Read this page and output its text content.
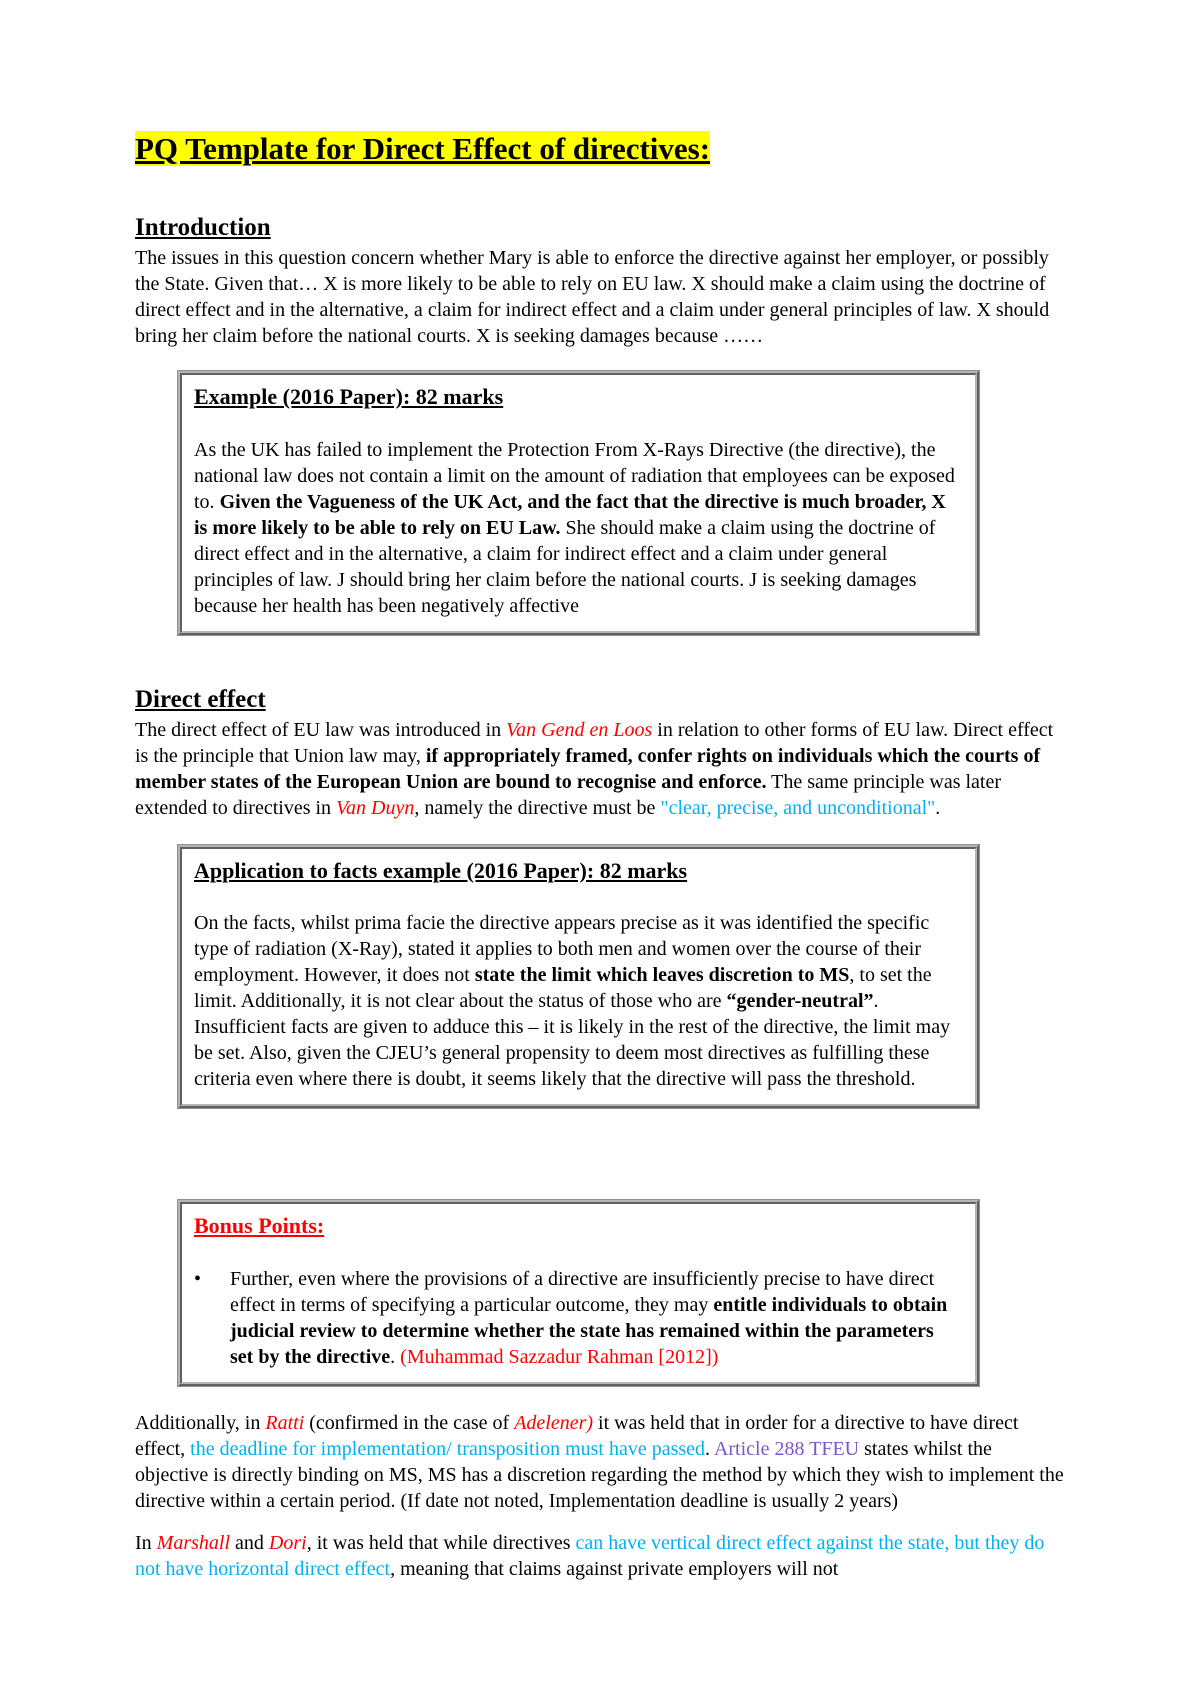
PQ Template for Direct Effect of directives:
Introduction

The issues in this question concern whether Mary is able to enforce the directive against her employer, or possibly the State. Given that… X is more likely to be able to rely on EU law. X should make a claim using the doctrine of direct effect and in the alternative, a claim for indirect effect and a claim under general principles of law. X should bring her claim before the national courts. X is seeking damages because ……

Example (2016 Paper): 82 marks

As the UK has failed to implement the Protection From X-Rays Directive (the directive), the national law does not contain a limit on the amount of radiation that employees can be exposed to. Given the Vagueness of the UK Act, and the fact that the directive is much broader, X is more likely to be able to rely on EU Law. She should make a claim using the doctrine of direct effect and in the alternative, a claim for indirect effect and a claim under general principles of law. J should bring her claim before the national courts. J is seeking damages because her health has been negatively affective

Direct effect

The direct effect of EU law was introduced in Van Gend en Loos in relation to other forms of EU law. Direct effect is the principle that Union law may, if appropriately framed, confer rights on individuals which the courts of member states of the European Union are bound to recognise and enforce. The same principle was later extended to directives in Van Duyn, namely the directive must be "clear, precise, and unconditional".

Application to facts example (2016 Paper): 82 marks

On the facts, whilst prima facie the directive appears precise as it was identified the specific type of radiation (X-Ray), stated it applies to both men and women over the course of their employment. However, it does not state the limit which leaves discretion to MS, to set the limit. Additionally, it is not clear about the status of those who are “gender-neutral”. Insufficient facts are given to adduce this – it is likely in the rest of the directive, the limit may be set. Also, given the CJEU’s general propensity to deem most directives as fulfilling these criteria even where there is doubt, it seems likely that the directive will pass the threshold.

Bonus Points:

•	Further, even where the provisions of a directive are insufficiently precise to have direct effect in terms of specifying a particular outcome, they may entitle individuals to obtain judicial review to determine whether the state has remained within the parameters set by the directive. (Muhammad Sazzadur Rahman [2012])

Additionally, in Ratti (confirmed in the case of Adelener) it was held that in order for a directive to have direct effect, the deadline for implementation/ transposition must have passed. Article 288 TFEU states whilst the objective is directly binding on MS, MS has a discretion regarding the method by which they wish to implement the directive within a certain period. (If date not noted, Implementation deadline is usually 2 years)

In Marshall and Dori, it was held that while directives can have vertical direct effect against the state, but they do not have horizontal direct effect, meaning that claims against private employers will not
